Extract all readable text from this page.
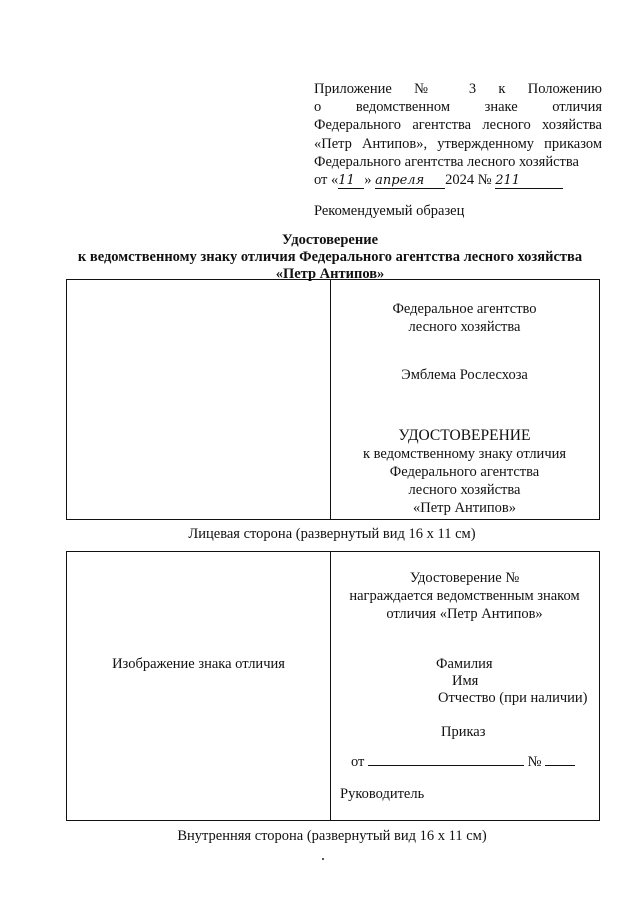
Приложение № 3 к Положению
о ведомственном знаке отличия
Федерального агентства лесного хозяйства
«Петр Антипов», утвержденному приказом
Федерального агентства лесного хозяйства
от «11 » апреля 2024 № 211
Рекомендуемый образец
Удостоверение
к ведомственному знаку отличия Федерального агентства лесного хозяйства
«Петр Антипов»
Федеральное агентство
лесного хозяйства
Эмблема Рослесхоза
УДОСТОВЕРЕНИЕ
к ведомственному знаку отличия
Федерального агентства
лесного хозяйства
«Петр Антипов»
Лицевая сторона (развернутый вид 16 х 11 см)
Изображение знака отличия
Удостоверение №
награждается ведомственным знаком
отличия «Петр Антипов»
Фамилия
Имя
Отчество (при наличии)
Приказ
от	№
Руководитель
Внутренняя сторона (развернутый вид 16 х 11 см)
